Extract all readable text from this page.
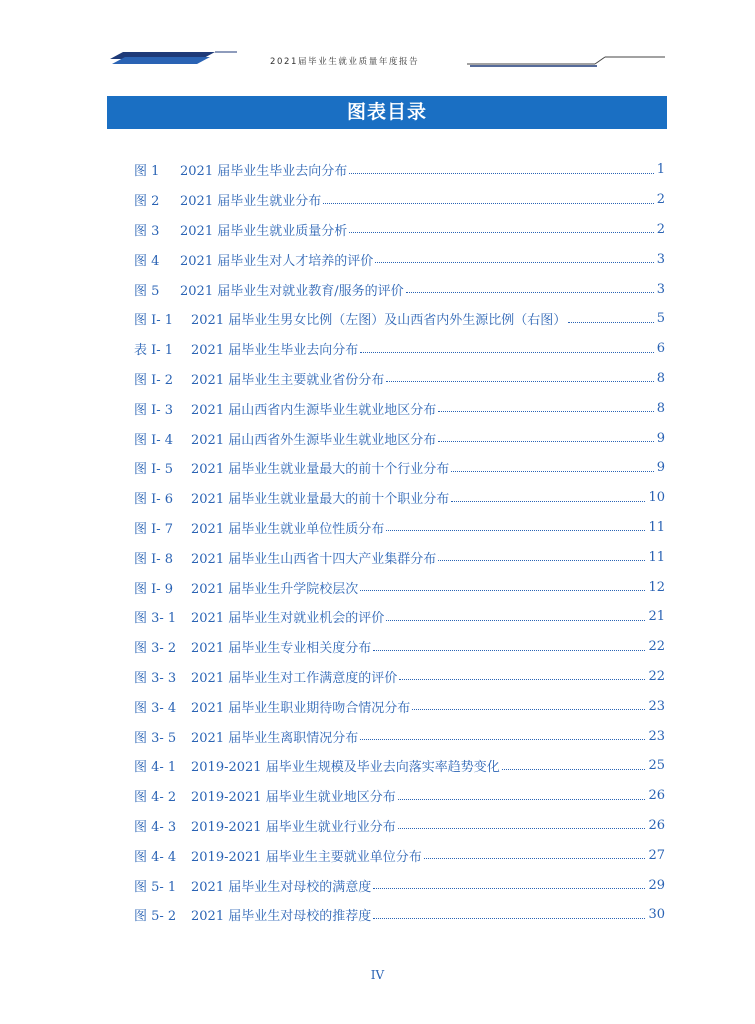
2021届毕业生就业质量年度报告
图表目录
图 1	2021 届毕业生毕业去向分布	1
图 2	2021 届毕业生就业分布	2
图 3	2021 届毕业生就业质量分析	2
图 4	2021 届毕业生对人才培养的评价	3
图 5	2021 届毕业生对就业教育/服务的评价	3
图 I- 1	2021 届毕业生男女比例（左图）及山西省内外生源比例（右图）	5
表 I- 1	2021 届毕业生毕业去向分布	6
图 I- 2	2021 届毕业生主要就业省份分布	8
图 I- 3	2021 届山西省内生源毕业生就业地区分布	8
图 I- 4	2021 届山西省外生源毕业生就业地区分布	9
图 I- 5	2021 届毕业生就业量最大的前十个行业分布	9
图 I- 6	2021 届毕业生就业量最大的前十个职业分布	10
图 I- 7	2021 届毕业生就业单位性质分布	11
图 I- 8	2021 届毕业生山西省十四大产业集群分布	11
图 I- 9	2021 届毕业生升学院校层次	12
图 3- 1	2021 届毕业生对就业机会的评价	21
图 3- 2	2021 届毕业生专业相关度分布	22
图 3- 3	2021 届毕业生对工作满意度的评价	22
图 3- 4	2021 届毕业生职业期待吻合情况分布	23
图 3- 5	2021 届毕业生离职情况分布	23
图 4- 1	2019-2021 届毕业生规模及毕业去向落实率趋势变化	25
图 4- 2	2019-2021 届毕业生就业地区分布	26
图 4- 3	2019-2021 届毕业生就业行业分布	26
图 4- 4	2019-2021 届毕业生主要就业单位分布	27
图 5- 1	2021 届毕业生对母校的满意度	29
图 5- 2	2021 届毕业生对母校的推荐度	30
IV
